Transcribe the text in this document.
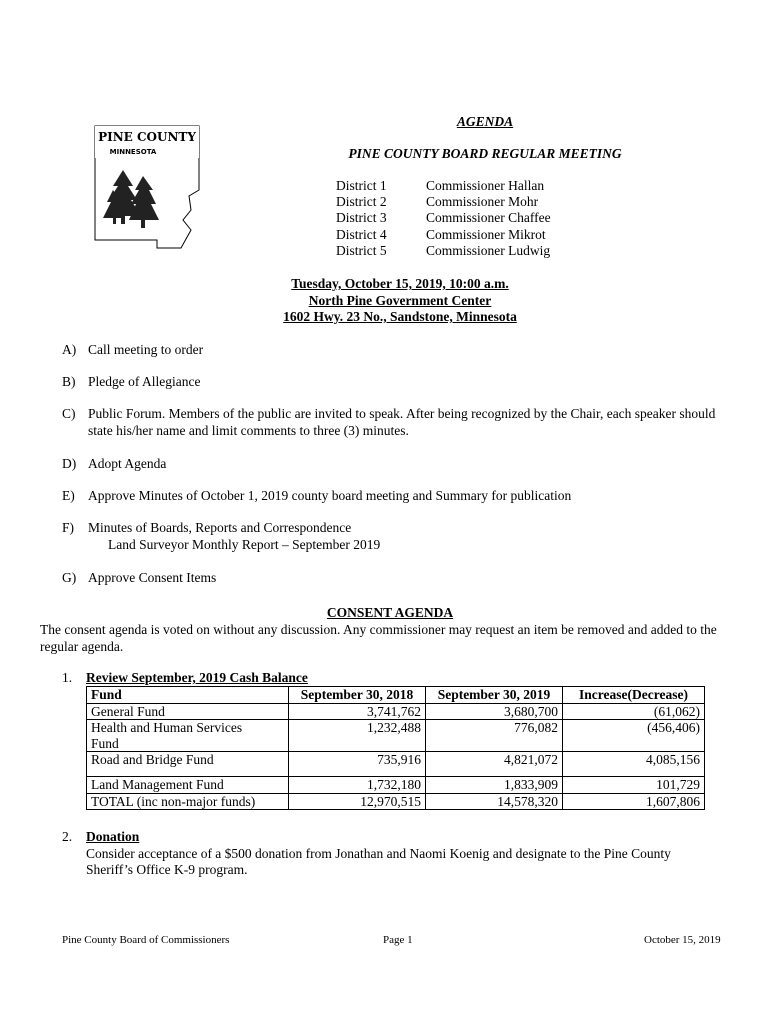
PINE COUNTY
MINNESOTA
AGENDA
PINE COUNTY BOARD REGULAR MEETING
District 1	Commissioner Hallan
District 2	Commissioner Mohr
District 3	Commissioner Chaffee
District 4	Commissioner Mikrot
District 5	Commissioner Ludwig
Tuesday, October 15, 2019, 10:00 a.m.
North Pine Government Center
1602 Hwy. 23 No., Sandstone, Minnesota
A) Call meeting to order
B) Pledge of Allegiance
C) Public Forum. Members of the public are invited to speak. After being recognized by the Chair, each speaker should state his/her name and limit comments to three (3) minutes.
D) Adopt Agenda
E) Approve Minutes of October 1, 2019 county board meeting and Summary for publication
F) Minutes of Boards, Reports and Correspondence
Land Surveyor Monthly Report – September 2019
G) Approve Consent Items
CONSENT AGENDA
The consent agenda is voted on without any discussion. Any commissioner may request an item be removed and added to the regular agenda.
1. Review September, 2019 Cash Balance
Fund	September 30, 2018	September 30, 2019	Increase(Decrease)
General Fund	3,741,762	3,680,700	(61,062)
Health and Human Services Fund	1,232,488	776,082	(456,406)
Road and Bridge Fund	735,916	4,821,072	4,085,156
Land Management Fund	1,732,180	1,833,909	101,729
TOTAL (inc non-major funds)	12,970,515	14,578,320	1,607,806
2. Donation
Consider acceptance of a $500 donation from Jonathan and Naomi Koenig and designate to the Pine County Sheriff’s Office K-9 program.
Pine County Board of Commissioners	Page 1	October 15, 2019
